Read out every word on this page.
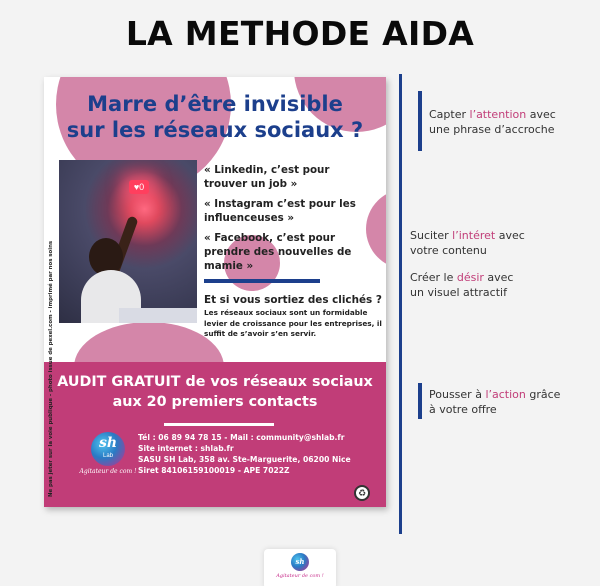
LA METHODE AIDA
Marre d’être invisible
sur les réseaux sociaux ?
♥0

« Linkedin, c’est pour trouver un job »

« Instagram c’est pour les influenceuses »

« Facebook, c’est pour prendre des nouvelles de mamie »

Et si vous sortiez des clichés ?
Les réseaux sociaux sont un formidable levier de croissance pour les entreprises, il suffit de s’avoir s’en servir.
AUDIT GRATUIT de vos réseaux sociaux
aux 20 premiers contacts
sh
Lab
Agitateur de com !
Tél : 06 89 94 78 15 - Mail : community@shlab.fr
Site internet : shlab.fr
SASU SH Lab, 358 av. Ste-Marguerite, 06200 Nice
Siret 84106159100019 - APE 7022Z
♻
Ne pas jeter sur la voie publique - photo issue de pexel.com - imprimé par nos soins
Capter l’attention avec
une phrase d’accroche
Suciter l’intéret avec
votre contenu
Créer le désir avec
un visuel attractif
Pousser à l’action grâce
à votre offre
sh
Agitateur de com !
